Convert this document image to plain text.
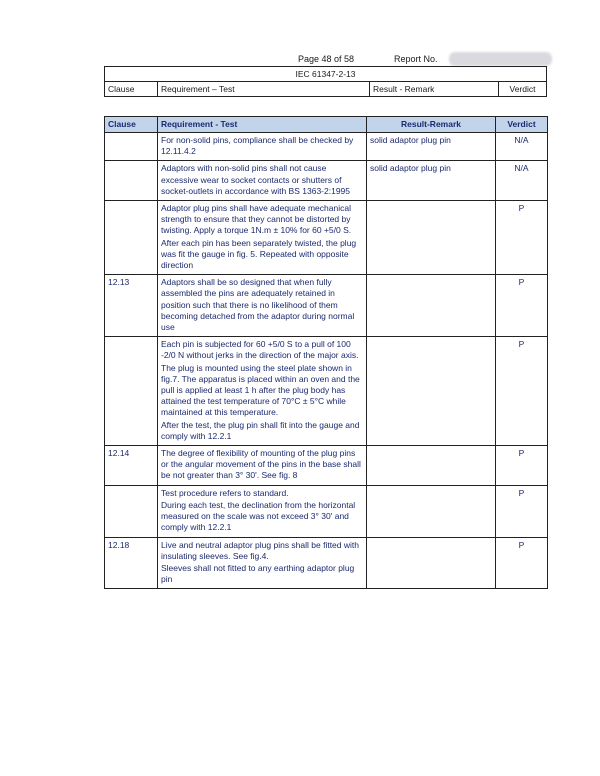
Page 48 of 58	Report No.
IEC 61347-2-13
Clause	Requirement – Test	Result - Remark	Verdict
Clause	Requirement - Test	Result-Remark	Verdict

	For non-solid pins, compliance shall be checked by 12.11.4.2	solid adaptor plug pin	N/A

	Adaptors with non-solid pins shall not cause excessive wear to socket contacts or shutters of socket-outlets in accordance with BS 1363-2:1995	solid adaptor plug pin	N/A

	Adaptor plug pins shall have adequate mechanical strength to ensure that they cannot be distorted by twisting. Apply a torque 1N.m ± 10% for 60 +5/0 S.
After each pin has been separately twisted, the plug was fit the gauge in fig. 5. Repeated with opposite direction		P
12.13	Adaptors shall be so designed that when fully assembled the pins are adequately retained in position such that there is no likelihood of them becoming detached from the adaptor during normal use		P

	Each pin is subjected for 60 +5/0 S to a pull of 100 -2/0 N without jerks in the direction of the major axis.
The plug is mounted using the steel plate shown in fig.7. The apparatus is placed within an oven and the pull is applied at least 1 h after the plug body has attained the test temperature of 70°C ± 5°C while maintained at this temperature.
After the test, the plug pin shall fit into the gauge and comply with 12.2.1		P
12.14	The degree of flexibility of mounting of the plug pins or the angular movement of the pins in the base shall be not greater than 3° 30'. See fig. 8		P

	Test procedure refers to standard.
During each test, the declination from the horizontal measured on the scale was not exceed 3° 30' and comply with 12.2.1		P
12.18	Live and neutral adaptor plug pins shall be fitted with insulating sleeves. See fig.4.
Sleeves shall not fitted to any earthing adaptor plug pin		P
